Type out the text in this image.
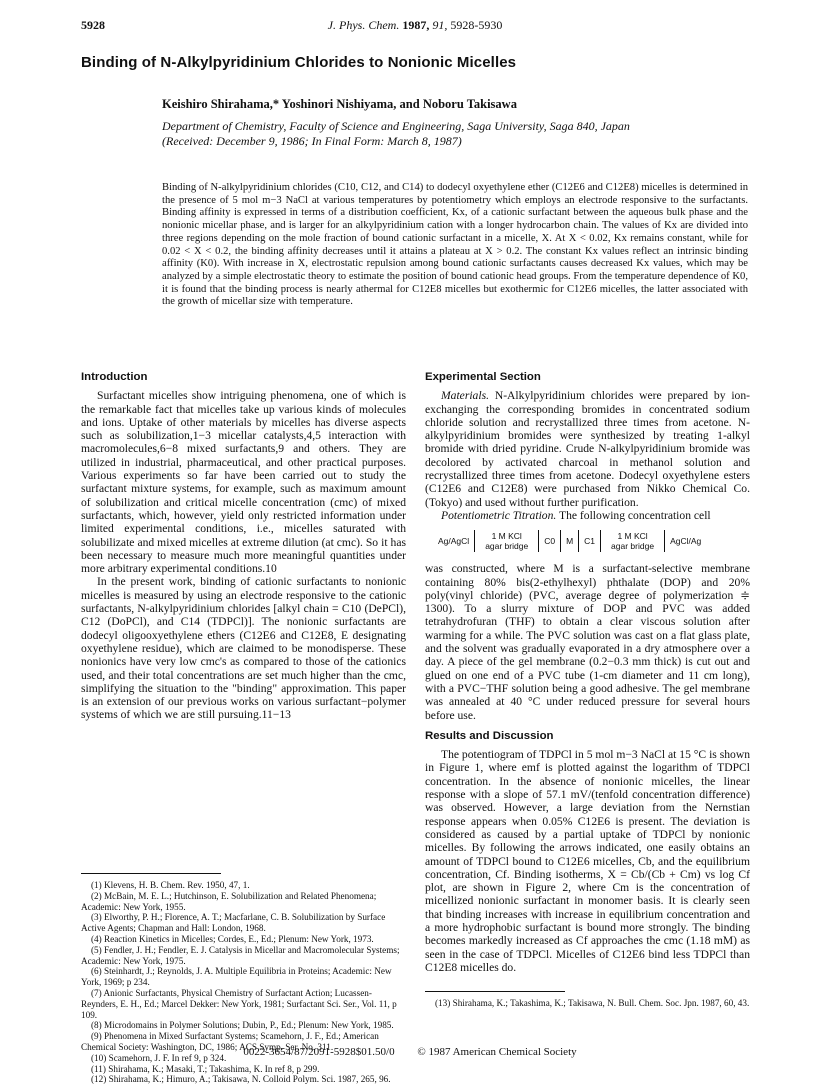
5928	J. Phys. Chem. 1987, 91, 5928-5930
Binding of N-Alkylpyridinium Chlorides to Nonionic Micelles
Keishiro Shirahama,* Yoshinori Nishiyama, and Noboru Takisawa
Department of Chemistry, Faculty of Science and Engineering, Saga University, Saga 840, Japan
(Received: December 9, 1986; In Final Form: March 8, 1987)

Binding of N-alkylpyridinium chlorides (C10, C12, and C14) to dodecyl oxyethylene ether (C12E6 and C12E8) micelles is determined in the presence of 5 mol m−3 NaCl at various temperatures by potentiometry which employs an electrode responsive to the surfactants. Binding affinity is expressed in terms of a distribution coefficient, Kx, of a cationic surfactant between the aqueous bulk phase and the nonionic micellar phase, and is larger for an alkylpyridinium cation with a longer hydrocarbon chain. The values of Kx are divided into three regions depending on the mole fraction of bound cationic surfactant in a micelle, X. At X < 0.02, Kx remains constant, while for 0.02 < X < 0.2, the binding affinity decreases until it attains a plateau at X > 0.2. The constant Kx values reflect an intrinsic binding affinity (K0). With increase in X, electrostatic repulsion among bound cationic surfactants causes decreased Kx values, which may be analyzed by a simple electrostatic theory to estimate the position of bound cationic head groups. From the temperature dependence of K0, it is found that the binding process is nearly athermal for C12E8 micelles but exothermic for C12E6 micelles, the latter associated with the growth of micellar size with temperature.

Introduction

Surfactant micelles show intriguing phenomena, one of which is the remarkable fact that micelles take up various kinds of molecules and ions. Uptake of other materials by micelles has diverse aspects such as solubilization,1−3 micellar catalysts,4,5 interaction with macromolecules,6−8 mixed surfactants,9 and others. They are utilized in industrial, pharmaceutical, and other practical purposes. Various experiments so far have been carried out to study the surfactant mixture systems, for example, such as maximum amount of solubilization and critical micelle concentration (cmc) of mixed surfactants, which, however, yield only restricted information under limited experimental conditions, i.e., micelles saturated with solubilizate and mixed micelles at extreme dilution (at cmc). So it has been necessary to measure much more meaningful quantities under more arbitrary experimental conditions.10

In the present work, binding of cationic surfactants to nonionic micelles is measured by using an electrode responsive to the cationic surfactants, N-alkylpyridinium chlorides [alkyl chain = C10 (DePCl), C12 (DoPCl), and C14 (TDPCl)]. The nonionic surfactants are dodecyl oligooxyethylene ethers (C12E6 and C12E8, E designating oxyethylene residue), which are claimed to be monodisperse. These nonionics have very low cmc's as compared to those of the cationics used, and their total concentrations are set much higher than the cmc, simplifying the situation to the "binding" approximation. This paper is an extension of our previous works on various surfactant−polymer systems of which we are still pursuing.11−13

(1) Klevens, H. B. Chem. Rev. 1950, 47, 1.
(2) McBain, M. E. L.; Hutchinson, E. Solubilization and Related Phenomena; Academic: New York, 1955.
(3) Elworthy, P. H.; Florence, A. T.; Macfarlane, C. B. Solubilization by Surface Active Agents; Chapman and Hall: London, 1968.
(4) Reaction Kinetics in Micelles; Cordes, E., Ed.; Plenum: New York, 1973.
(5) Fendler, J. H.; Fendler, E. J. Catalysis in Micellar and Macromolecular Systems; Academic: New York, 1975.
(6) Steinhardt, J.; Reynolds, J. A. Multiple Equilibria in Proteins; Academic: New York, 1969; p 234.
(7) Anionic Surfactants, Physical Chemistry of Surfactant Action; Lucassen-Reynders, E. H., Ed.; Marcel Dekker: New York, 1981; Surfactant Sci. Ser., Vol. 11, p 109.
(8) Microdomains in Polymer Solutions; Dubin, P., Ed.; Plenum: New York, 1985.
(9) Phenomena in Mixed Surfactant Systems; Scamehorn, J. F., Ed.; American Chemical Society: Washington, DC, 1986; ACS Symp. Ser. No. 311.
(10) Scamehorn, J. F. In ref 9, p 324.
(11) Shirahama, K.; Masaki, T.; Takashima, K. In ref 8, p 299.
(12) Shirahama, K.; Himuro, A.; Takisawa, N. Colloid Polym. Sci. 1987, 265, 96.
Experimental Section

Materials. N-Alkylpyridinium chlorides were prepared by ion-exchanging the corresponding bromides in concentrated sodium chloride solution and recrystallized three times from acetone. N-alkylpyridinium bromides were synthesized by treating 1-alkyl bromide with dried pyridine. Crude N-alkylpyridinium bromide was decolored by activated charcoal in methanol solution and recrystallized three times from acetone. Dodecyl oxyethylene esters (C12E6 and C12E8) were purchased from Nikko Chemical Co. (Tokyo) and used without further purification.

Potentiometric Titration. The following concentration cell

Ag/AgCl	1 M KCl
agar bridge
C0	M	C1	1 M KCl
agar bridge
AgCl/Ag

was constructed, where M is a surfactant-selective membrane containing 80% bis(2-ethylhexyl) phthalate (DOP) and 20% poly(vinyl chloride) (PVC, average degree of polymerization ≑ 1300). To a slurry mixture of DOP and PVC was added tetrahydrofuran (THF) to obtain a clear viscous solution after warming for a while. The PVC solution was cast on a flat glass plate, and the solvent was gradually evaporated in a dry atmosphere over a day. A piece of the gel membrane (0.2−0.3 mm thick) is cut out and glued on one end of a PVC tube (1-cm diameter and 11 cm long), with a PVC−THF solution being a good adhesive. The gel membrane was annealed at 40 °C under reduced pressure for several hours before use.

Results and Discussion

The potentiogram of TDPCl in 5 mol m−3 NaCl at 15 °C is shown in Figure 1, where emf is plotted against the logarithm of TDPCl concentration. In the absence of nonionic micelles, the linear response with a slope of 57.1 mV/(tenfold concentration difference) was observed. However, a large deviation from the Nernstian response appears when 0.05% C12E6 is present. The deviation is considered as caused by a partial uptake of TDPCl by nonionic micelles. By following the arrows indicated, one easily obtains an amount of TDPCl bound to C12E6 micelles, Cb, and the equilibrium concentration, Cf. Binding isotherms, X = Cb/(Cb + Cm) vs log Cf plot, are shown in Figure 2, where Cm is the concentration of micellized nonionic surfactant in monomer basis. It is clearly seen that binding increases with increase in equilibrium concentration and a more hydrophobic surfactant is bound more strongly. The binding becomes markedly increased as Cf approaches the cmc (1.18 mM) as seen in the case of TDPCl. Micelles of C12E6 bind less TDPCl than C12E8 micelles do.

(13) Shirahama, K.; Takashima, K.; Takisawa, N. Bull. Chem. Soc. Jpn. 1987, 60, 43.
0022-3654/87/2091-5928$01.50/0 © 1987 American Chemical Society
